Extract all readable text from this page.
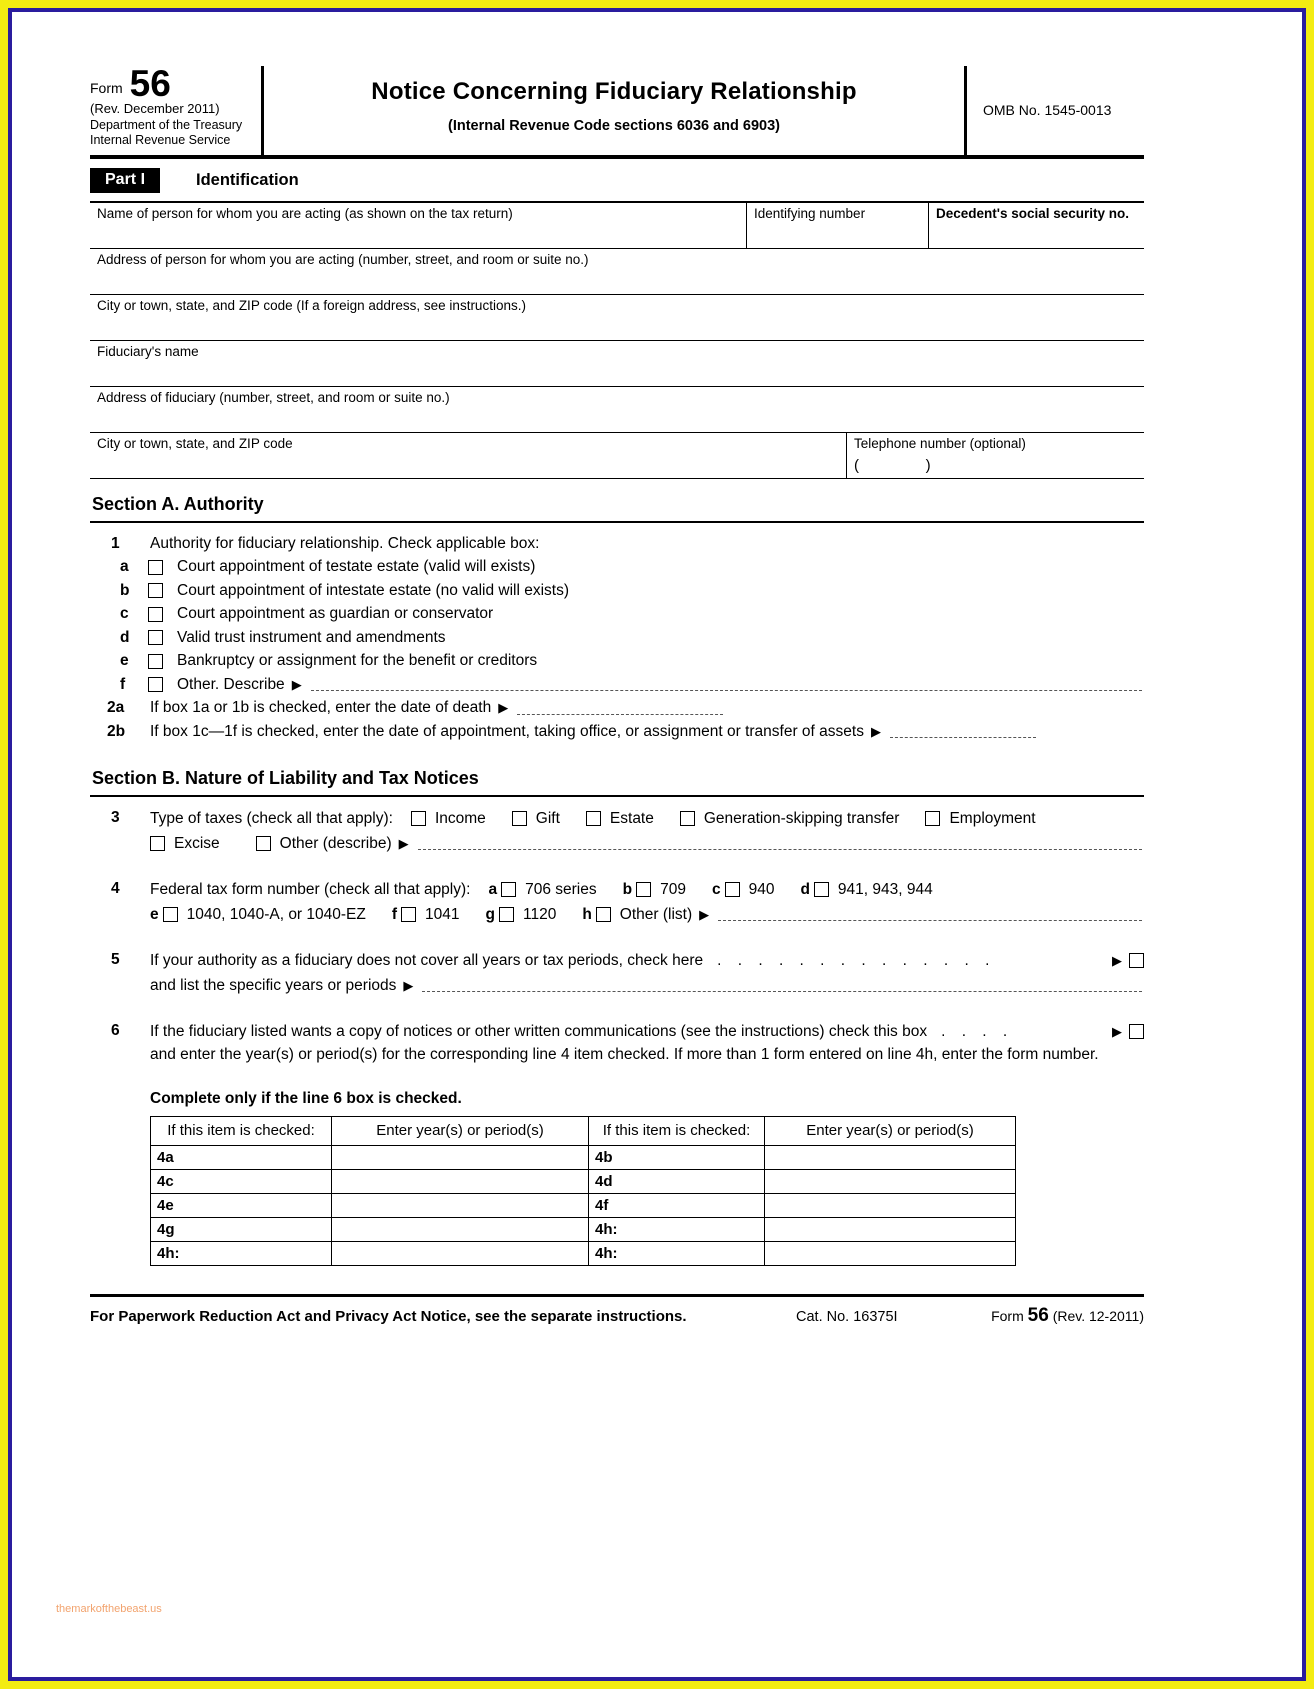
Form 56
(Rev. December 2011)
Department of the Treasury
Internal Revenue Service
Notice Concerning Fiduciary Relationship
(Internal Revenue Code sections 6036 and 6903)
OMB No. 1545-0013
Part I	Identification
Name of person for whom you are acting (as shown on the tax return)	Identifying number	Decedent's social security no.
Address of person for whom you are acting (number, street, and room or suite no.)
City or town, state, and ZIP code (If a foreign address, see instructions.)
Fiduciary's name
Address of fiduciary (number, street, and room or suite no.)
City or town, state, and ZIP code	Telephone number (optional)
(                )
Section A. Authority
1	Authority for fiduciary relationship. Check applicable box:
a	Court appointment of testate estate (valid will exists)
b	Court appointment of intestate estate (no valid will exists)
c	Court appointment as guardian or conservator
d	Valid trust instrument and amendments
e	Bankruptcy or assignment for the benefit or creditors
f	Other. Describe ▶
2a	If box 1a or 1b is checked, enter the date of death ▶
2b	If box 1c—1f is checked, enter the date of appointment, taking office, or assignment or transfer of assets ▶
Section B. Nature of Liability and Tax Notices
3	Type of taxes (check all that apply):	Income	Gift	Estate	Generation-skipping transfer	Employment
Excise	Other (describe) ▶
4	Federal tax form number (check all that apply): a 706 series b 709 c 940 d 941, 943, 944
e 1040, 1040-A, or 1040-EZ f 1041 g 1120 h Other (list) ▶
5	If your authority as a fiduciary does not cover all years or tax periods, check here . . . . . . . . . . . . . .	▶
and list the specific years or periods ▶
6	If the fiduciary listed wants a copy of notices or other written communications (see the instructions) check this box . . . .	▶
and enter the year(s) or period(s) for the corresponding line 4 item checked. If more than 1 form entered on line 4h, enter the form number.
Complete only if the line 6 box is checked.
If this item is checked:	Enter year(s) or period(s)	If this item is checked:	Enter year(s) or period(s)
4a		4b	
4c		4d	
4e		4f	
4g		4h:	
4h:		4h:	
For Paperwork Reduction Act and Privacy Act Notice, see the separate instructions.	Cat. No. 16375I	Form 56 (Rev. 12-2011)
themarkofthebeast.us
